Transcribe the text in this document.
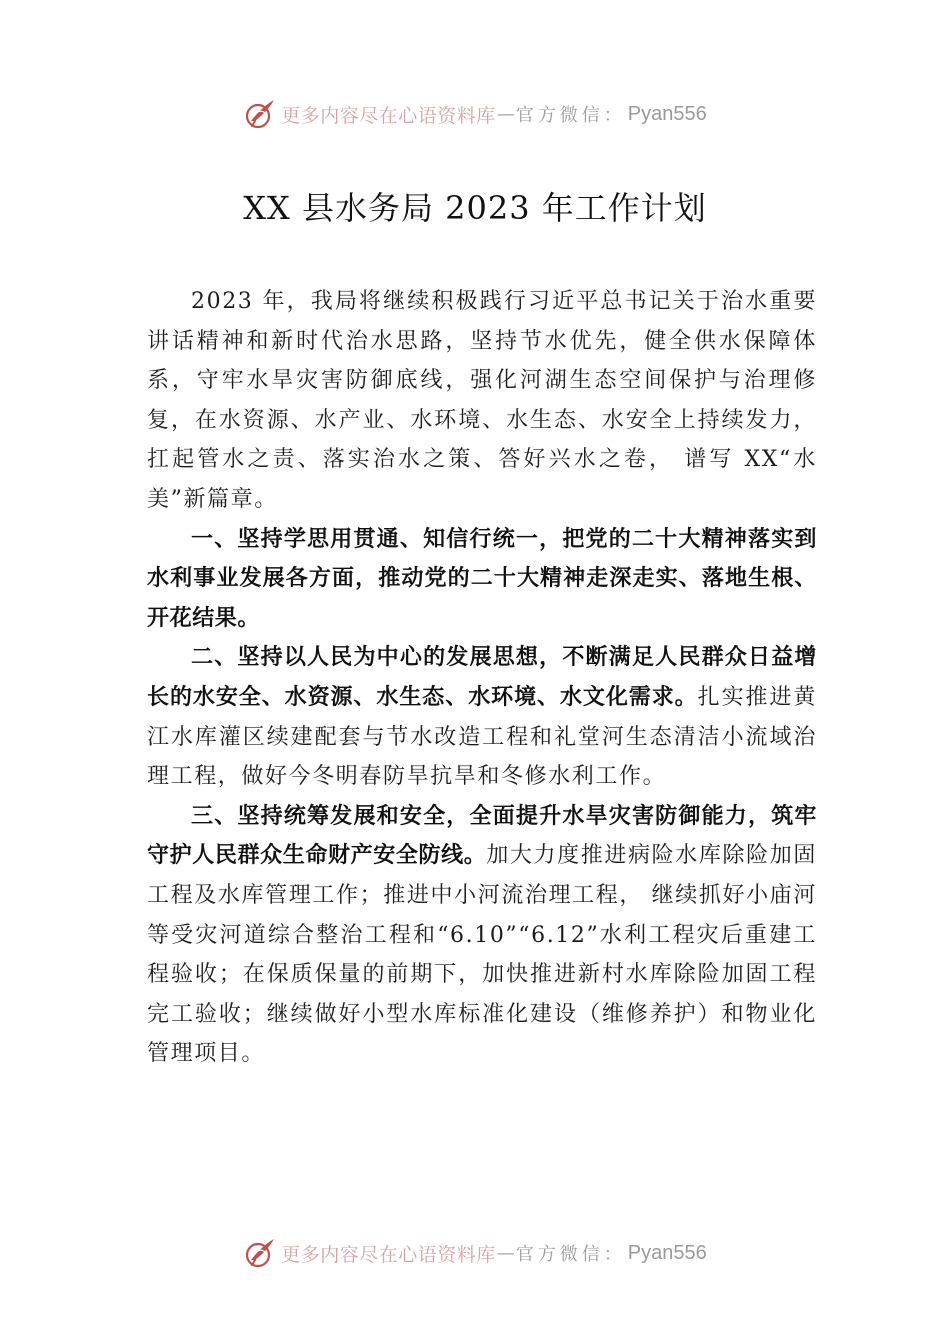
更多内容尽在心语资料库 — 官方微信： Pyan556
XX 县水务局 2023 年工作计划

2023 年，我局将继续积极践行习近平总书记关于治水重要讲话精神和新时代治水思路，坚持节水优先，健全供水保障体系，守牢水旱灾害防御底线，强化河湖生态空间保护与治理修复，在水资源、水产业、水环境、水生态、水安全上持续发力，扛起管水之责、落实治水之策、答好兴水之卷， 谱写 XX“水美”新篇章。

一、坚持学思用贯通、知信行统一，把党的二十大精神落实到水利事业发展各方面，推动党的二十大精神走深走实、落地生根、开花结果。

二、坚持以人民为中心的发展思想，不断满足人民群众日益增长的水安全、水资源、水生态、水环境、水文化需求。扎实推进黄江水库灌区续建配套与节水改造工程和礼堂河生态清洁小流域治理工程，做好今冬明春防旱抗旱和冬修水利工作。

三、坚持统筹发展和安全，全面提升水旱灾害防御能力，筑牢守护人民群众生命财产安全防线。加大力度推进病险水库除险加固工程及水库管理工作；推进中小河流治理工程， 继续抓好小庙河等受灾河道综合整治工程和“6.10”“6.12”水利工程灾后重建工程验收；在保质保量的前期下，加快推进新村水库除险加固工程完工验收；继续做好小型水库标准化建设（维修养护）和物业化管理项目。

更多内容尽在心语资料库 — 官方微信： Pyan556
